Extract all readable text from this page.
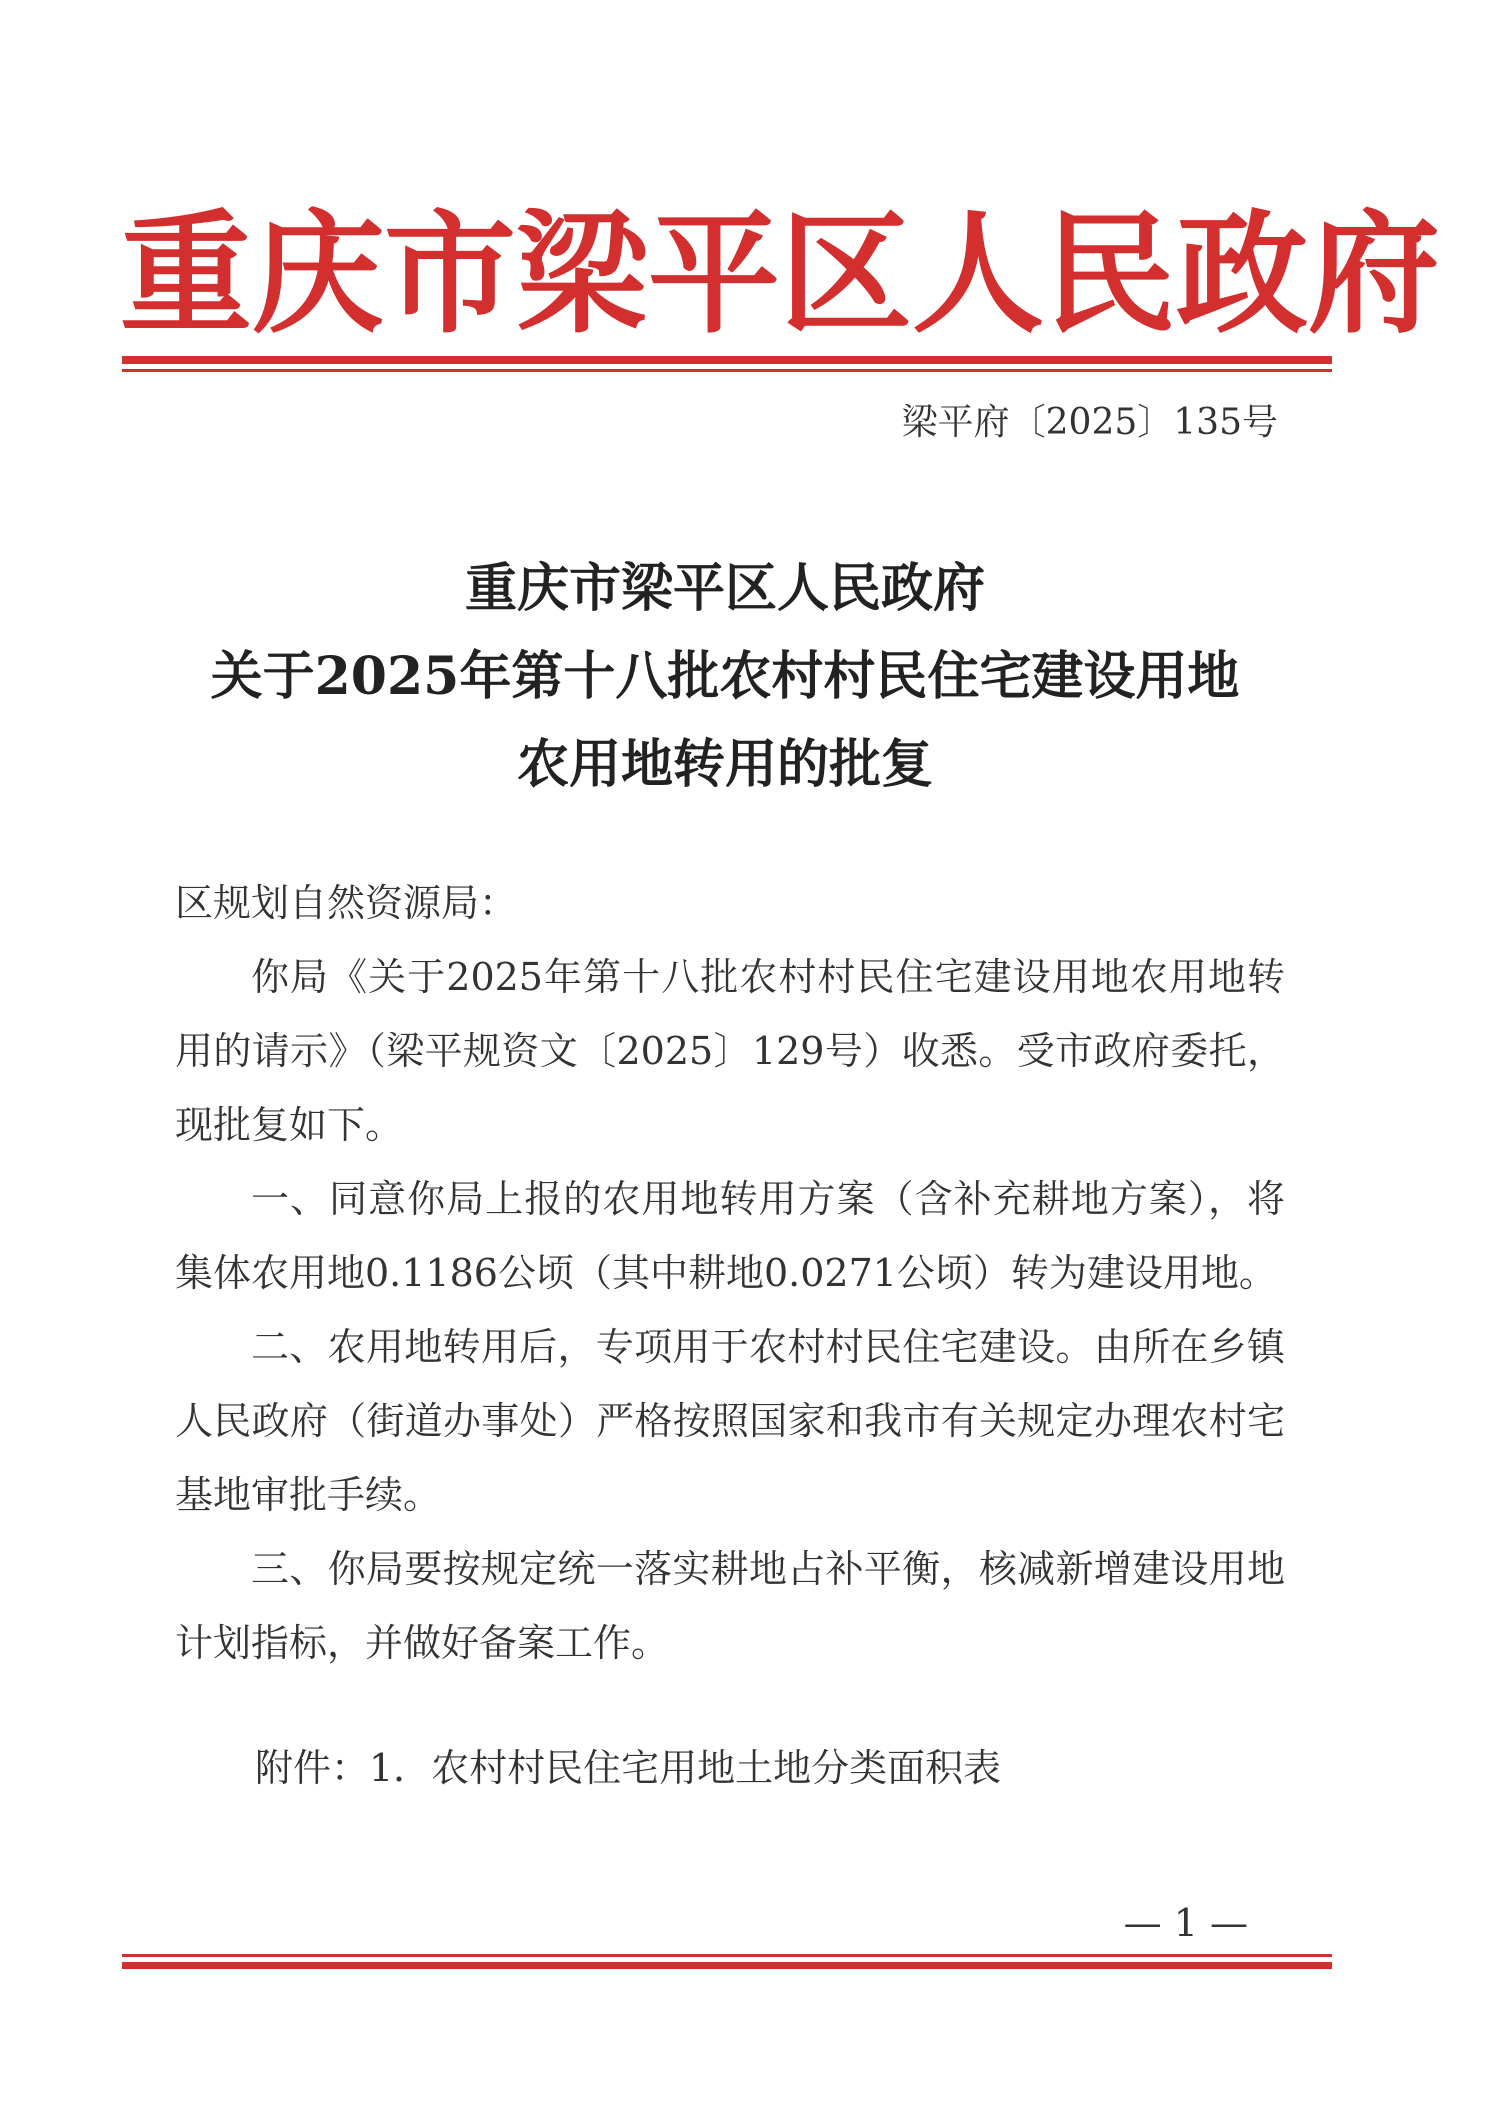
重庆市梁平区人民政府
梁平府〔2025〕135号
重庆市梁平区人民政府
关于2025年第十八批农村村民住宅建设用地
农用地转用的批复
区规划自然资源局：
你局《关于2025年第十八批农村村民住宅建设用地农用地转用的请示》（梁平规资文〔2025〕129号）收悉。受市政府委托，现批复如下。
一、同意你局上报的农用地转用方案（含补充耕地方案），将集体农用地0.1186公顷（其中耕地0.0271公顷）转为建设用地。
二、农用地转用后，专项用于农村村民住宅建设。由所在乡镇人民政府（街道办事处）严格按照国家和我市有关规定办理农村宅基地审批手续。
三、你局要按规定统一落实耕地占补平衡，核减新增建设用地计划指标，并做好备案工作。
附件：1．农村村民住宅用地土地分类面积表
— 1 —
